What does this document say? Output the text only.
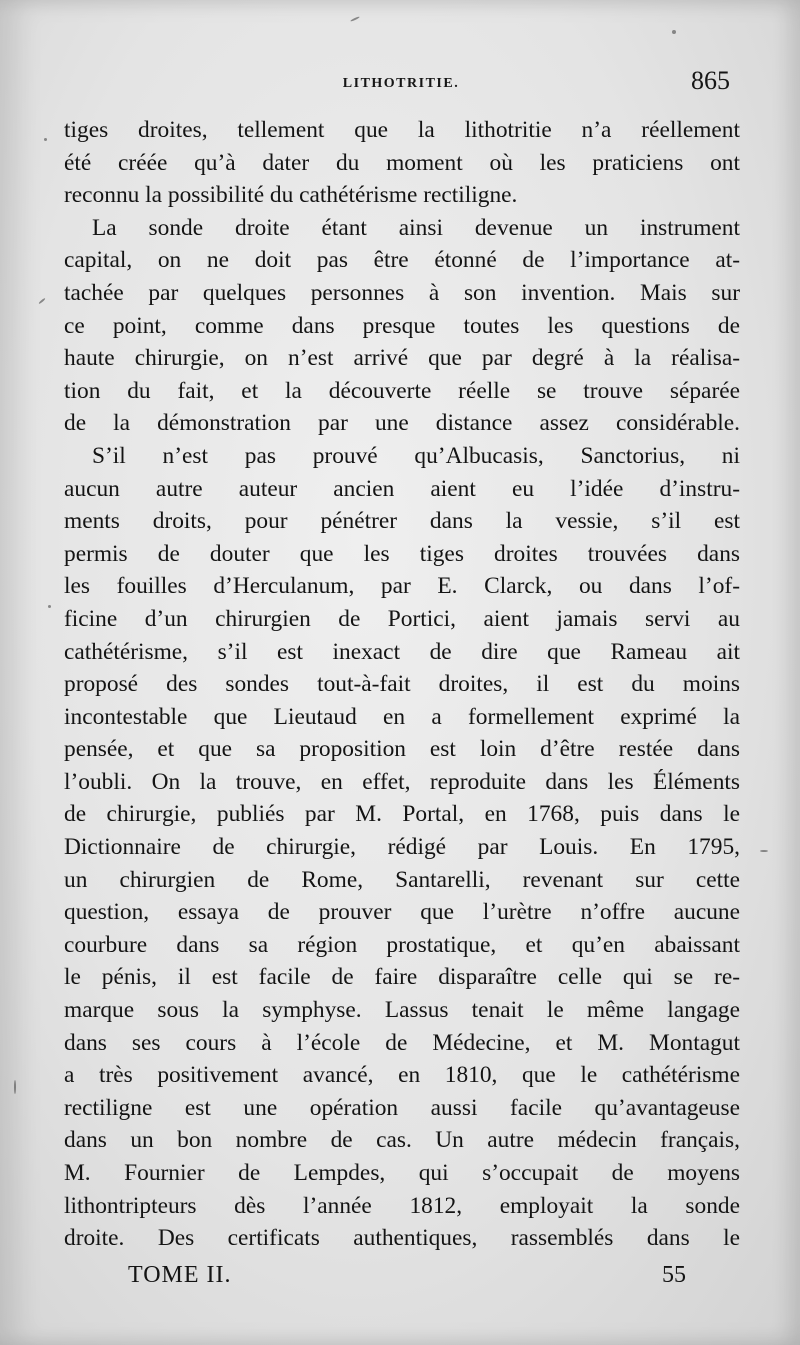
LITHOTRITIE.	865
tiges droites, tellement que la lithotritie n’a réellement
été créée qu’à dater du moment où les praticiens ont
reconnu la possibilité du cathétérisme rectiligne.
La sonde droite étant ainsi devenue un instrument
capital, on ne doit pas être étonné de l’importance at-
tachée par quelques personnes à son invention. Mais sur
ce point, comme dans presque toutes les questions de
haute chirurgie, on n’est arrivé que par degré à la réalisa-
tion du fait, et la découverte réelle se trouve séparée
de la démonstration par une distance assez considérable.
S’il n’est pas prouvé qu’Albucasis, Sanctorius, ni
aucun autre auteur ancien aient eu l’idée d’instru-
ments droits, pour pénétrer dans la vessie, s’il est
permis de douter que les tiges droites trouvées dans
les fouilles d’Herculanum, par E. Clarck, ou dans l’of-
ficine d’un chirurgien de Portici, aient jamais servi au
cathétérisme, s’il est inexact de dire que Rameau ait
proposé des sondes tout-à-fait droites, il est du moins
incontestable que Lieutaud en a formellement exprimé la
pensée, et que sa proposition est loin d’être restée dans
l’oubli. On la trouve, en effet, reproduite dans les Éléments
de chirurgie, publiés par M. Portal, en 1768, puis dans le
Dictionnaire de chirurgie, rédigé par Louis. En 1795,
un chirurgien de Rome, Santarelli, revenant sur cette
question, essaya de prouver que l’urètre n’offre aucune
courbure dans sa région prostatique, et qu’en abaissant
le pénis, il est facile de faire disparaître celle qui se re-
marque sous la symphyse. Lassus tenait le même langage
dans ses cours à l’école de Médecine, et M. Montagut
a très positivement avancé, en 1810, que le cathétérisme
rectiligne est une opération aussi facile qu’avantageuse
dans un bon nombre de cas. Un autre médecin français,
M. Fournier de Lempdes, qui s’occupait de moyens
lithontripteurs dès l’année 1812, employait la sonde
droite. Des certificats authentiques, rassemblés dans le
TOME II.	55
